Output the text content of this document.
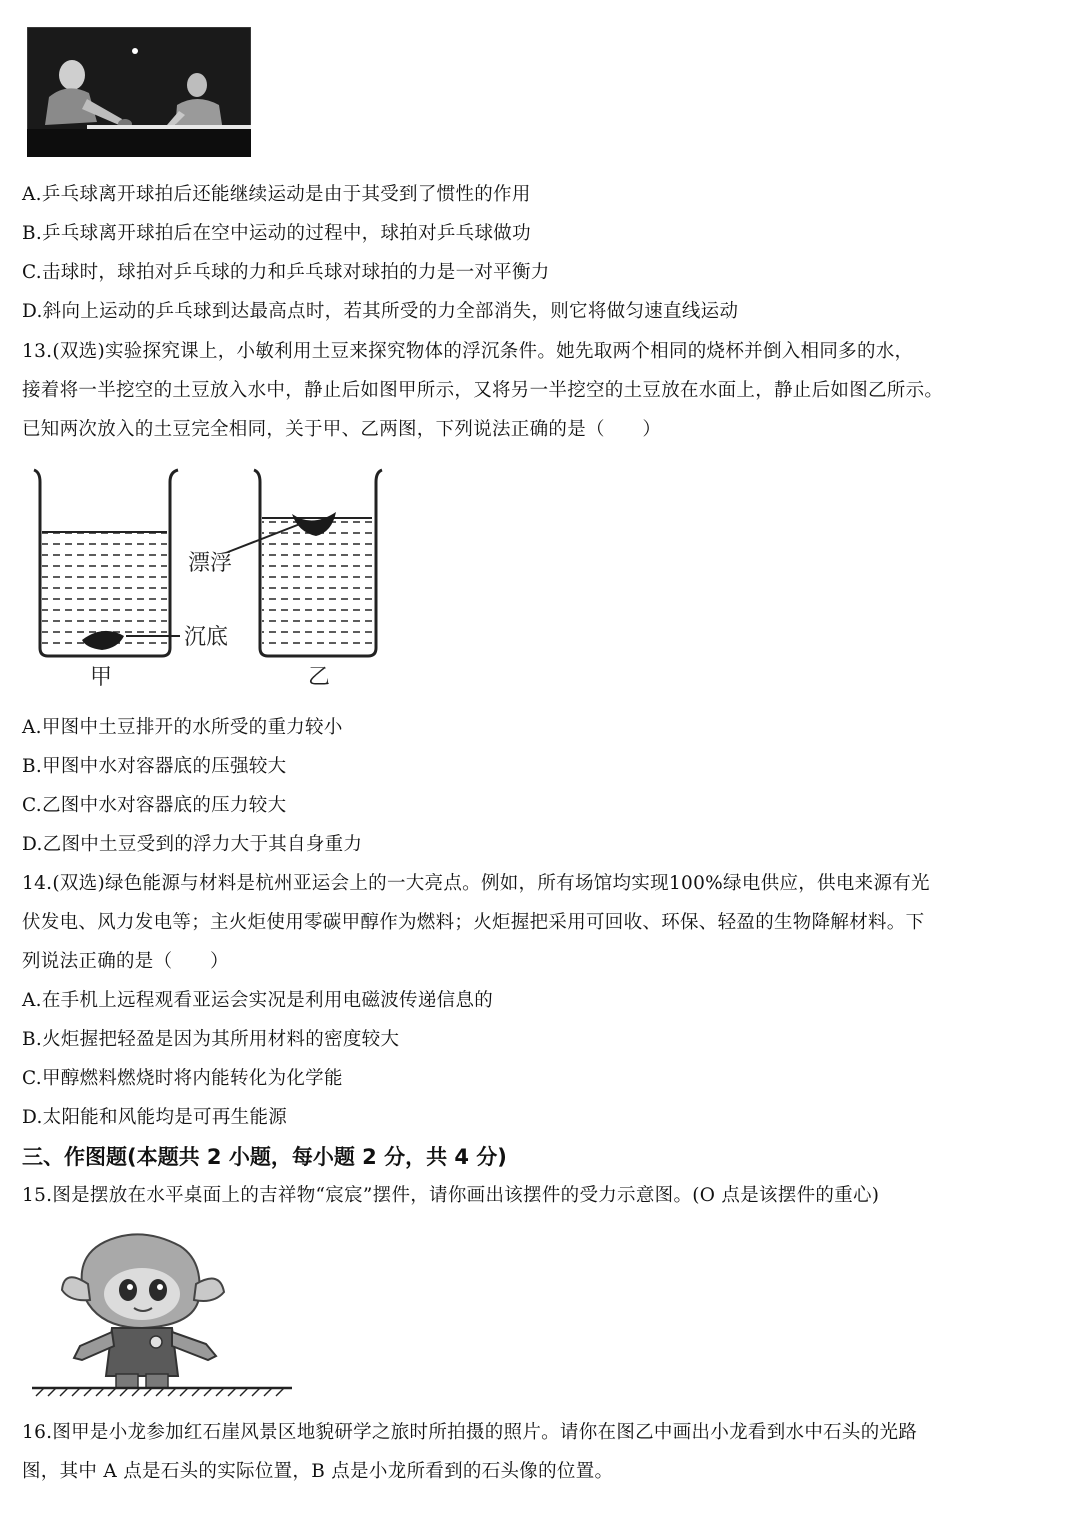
A.乒乓球离开球拍后还能继续运动是由于其受到了惯性的作用
B.乒乓球离开球拍后在空中运动的过程中，球拍对乒乓球做功
C.击球时，球拍对乒乓球的力和乒乓球对球拍的力是一对平衡力
D.斜向上运动的乒乓球到达最高点时，若其所受的力全部消失，则它将做匀速直线运动
13.(双选)实验探究课上，小敏利用土豆来探究物体的浮沉条件。她先取两个相同的烧杯并倒入相同多的水，
接着将一半挖空的土豆放入水中，静止后如图甲所示，又将另一半挖空的土豆放在水面上，静止后如图乙所示。
已知两次放入的土豆完全相同，关于甲、乙两图，下列说法正确的是（　　）
漂浮
沉底
甲	乙
A.甲图中土豆排开的水所受的重力较小
B.甲图中水对容器底的压强较大
C.乙图中水对容器底的压力较大
D.乙图中土豆受到的浮力大于其自身重力
14.(双选)绿色能源与材料是杭州亚运会上的一大亮点。例如，所有场馆均实现100%绿电供应，供电来源有光
伏发电、风力发电等；主火炬使用零碳甲醇作为燃料；火炬握把采用可回收、环保、轻盈的生物降解材料。下
列说法正确的是（　　）
A.在手机上远程观看亚运会实况是利用电磁波传递信息的
B.火炬握把轻盈是因为其所用材料的密度较大
C.甲醇燃料燃烧时将内能转化为化学能
D.太阳能和风能均是可再生能源
三、作图题(本题共 2 小题，每小题 2 分，共 4 分)
15.图是摆放在水平桌面上的吉祥物“宸宸”摆件，请你画出该摆件的受力示意图。(O 点是该摆件的重心)
16.图甲是小龙参加红石崖风景区地貌研学之旅时所拍摄的照片。请你在图乙中画出小龙看到水中石头的光路
图，其中 A 点是石头的实际位置，B 点是小龙所看到的石头像的位置。
